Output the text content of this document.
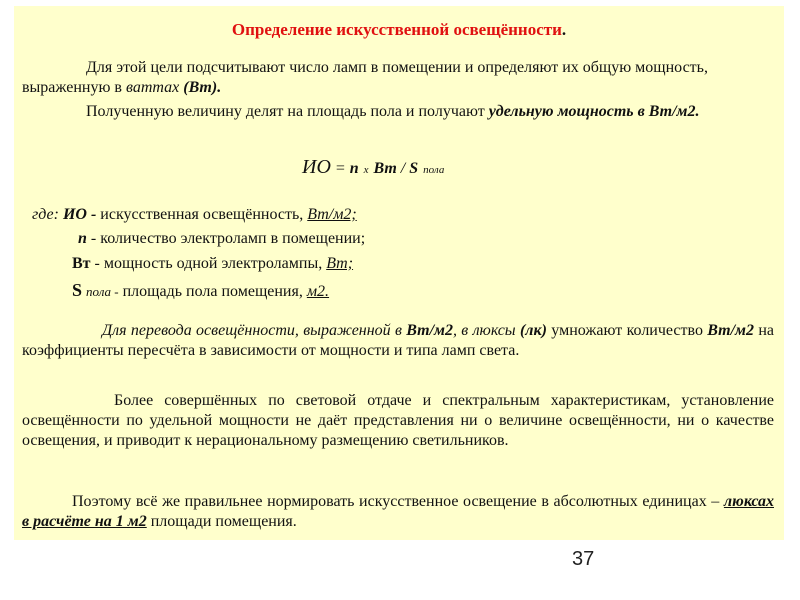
Определение искусственной освещённости.

Для этой цели подсчитывают число ламп в помещении и определяют их общую мощность, выраженную в ваттах (Вт).

Полученную величину делят на площадь пола и получают удельную мощность в Вт/м2.

ИО = n х Вт / S пола
где: ИО - искусственная освещённость, Вт/м2;
n - количество электроламп в помещении;
Вт - мощность одной электролампы, Вт;
S пола - площадь пола помещения, м2.

Для перевода освещённости, выраженной в Вт/м2, в люксы (лк) умножают количество Вт/м2 на коэффициенты пересчёта в зависимости от мощности и типа ламп света.

Более совершённых по световой отдаче и спектральным характеристикам, установление освещённости по удельной мощности не даёт представления ни о величине освещённости, ни о качестве освещения, и приводит к нерациональному размещению светильников.

Поэтому всё же правильнее нормировать искусственное освещение в абсолютных единицах – люксах в расчёте на 1 м2 площади помещения.

37
